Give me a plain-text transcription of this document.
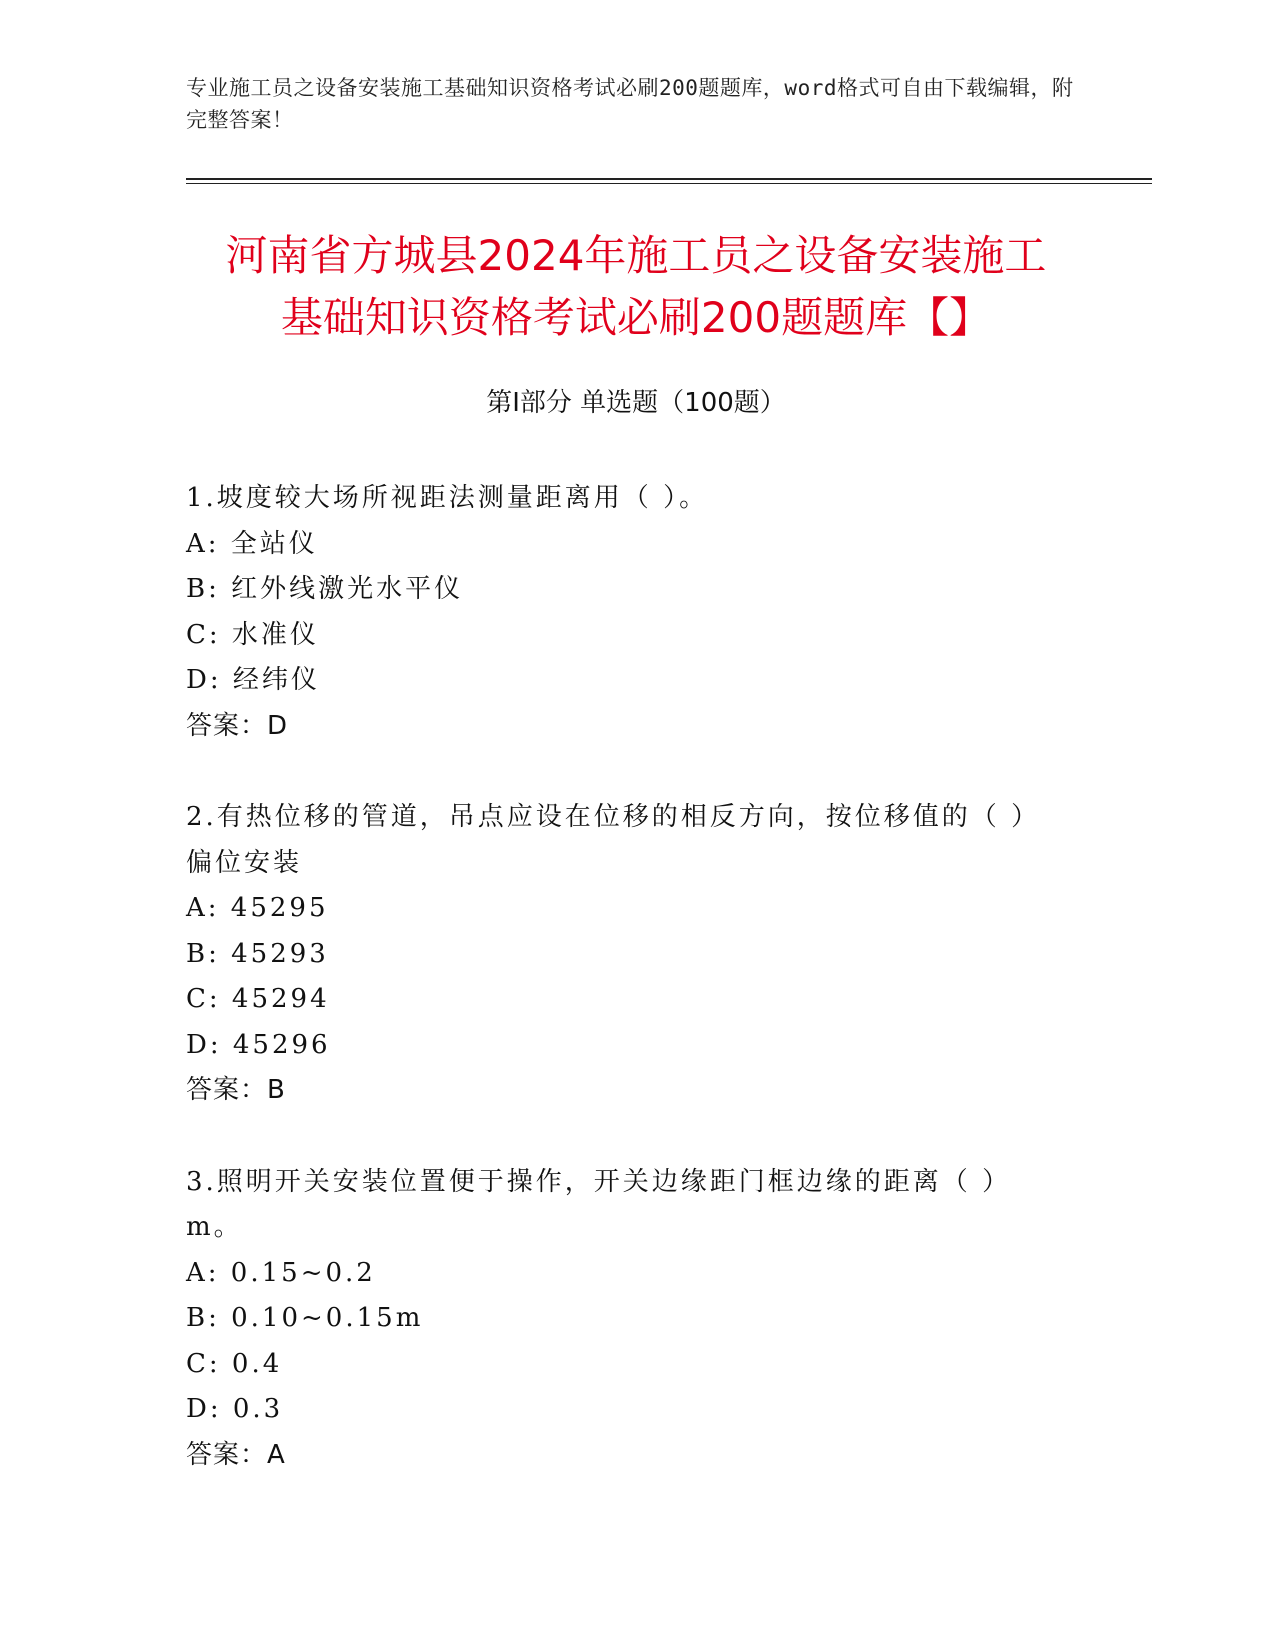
专业施工员之设备安装施工基础知识资格考试必刷200题题库，word格式可自由下载编辑，附完整答案！
河南省方城县2024年施工员之设备安装施工
基础知识资格考试必刷200题题库【】
第I部分 单选题（100题）
1.坡度较大场所视距法测量距离用（ ）。
A: 全站仪
B: 红外线激光水平仪
C: 水准仪
D: 经纬仪
答案：D
2.有热位移的管道，吊点应设在位移的相反方向，按位移值的（ ）偏位安装
A: 45295
B: 45293
C: 45294
D: 45296
答案：B
3.照明开关安装位置便于操作，开关边缘距门框边缘的距离（ ）m。
A: 0.15~0.2
B: 0.10~0.15m
C: 0.4
D: 0.3
答案：A
